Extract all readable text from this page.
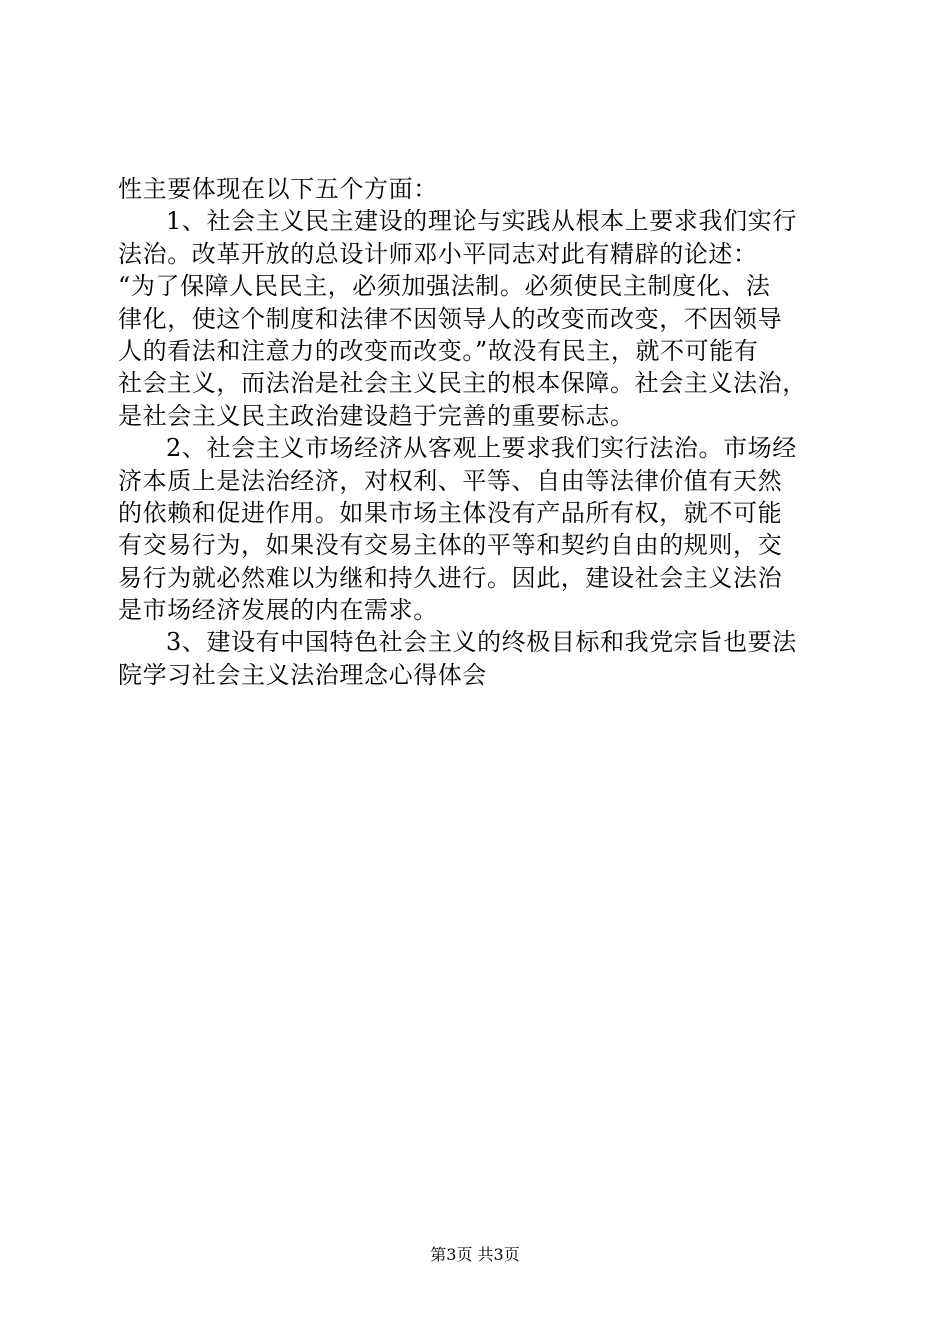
性主要体现在以下五个方面：
1、社会主义民主建设的理论与实践从根本上要求我们实行
法治。改革开放的总设计师邓小平同志对此有精辟的论述：
“为了保障人民民主，必须加强法制。必须使民主制度化、法
律化，使这个制度和法律不因领导人的改变而改变，不因领导
人的看法和注意力的改变而改变。”故没有民主，就不可能有
社会主义，而法治是社会主义民主的根本保障。社会主义法治，
是社会主义民主政治建设趋于完善的重要标志。
2、社会主义市场经济从客观上要求我们实行法治。市场经
济本质上是法治经济，对权利、平等、自由等法律价值有天然
的依赖和促进作用。如果市场主体没有产品所有权，就不可能
有交易行为，如果没有交易主体的平等和契约自由的规则，交
易行为就必然难以为继和持久进行。因此，建设社会主义法治
是市场经济发展的内在需求。
3、建设有中国特色社会主义的终极目标和我党宗旨也要法
院学习社会主义法治理念心得体会
第3页 共3页
